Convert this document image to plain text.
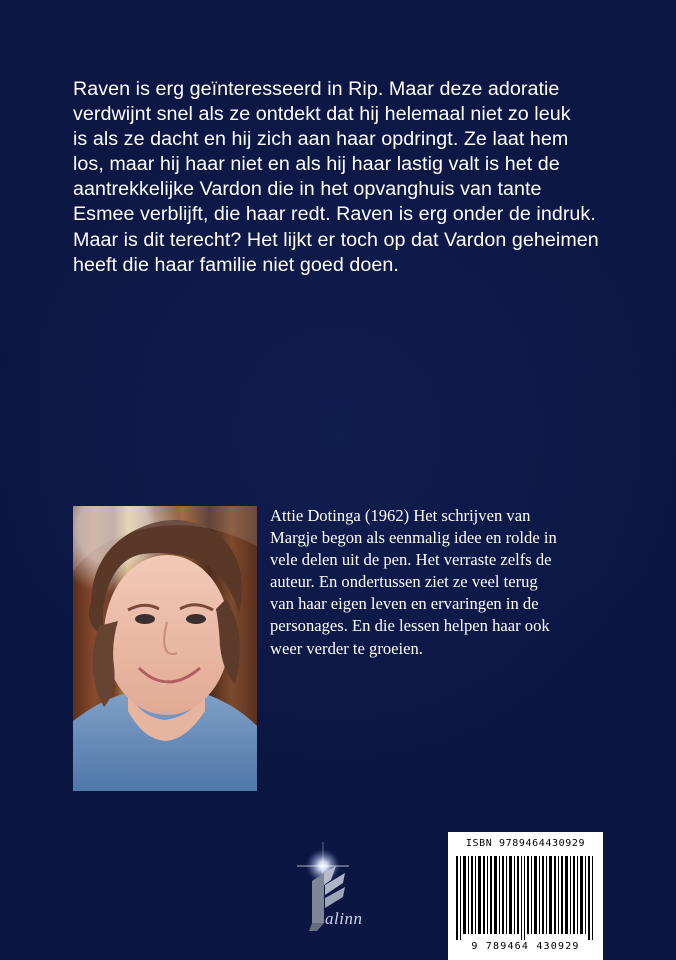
Raven is erg geïnteresseerd in Rip. Maar deze adoratie
verdwijnt snel als ze ontdekt dat hij helemaal niet zo leuk
is als ze dacht en hij zich aan haar opdringt. Ze laat hem
los, maar hij haar niet en als hij haar lastig valt is het de
aantrekkelijke Vardon die in het opvanghuis van tante
Esmee verblijft, die haar redt. Raven is erg onder de indruk.
Maar is dit terecht? Het lijkt er toch op dat Vardon geheimen
heeft die haar familie niet goed doen.
Attie Dotinga (1962) Het schrijven van
Margje begon als eenmalig idee en rolde in
vele delen uit de pen. Het verraste zelfs de
auteur. En ondertussen ziet ze veel terug
van haar eigen leven en ervaringen in de
personages. En die lessen helpen haar ook
weer verder te groeien.
alinn
ISBN 9789464430929
9 789464 430929
